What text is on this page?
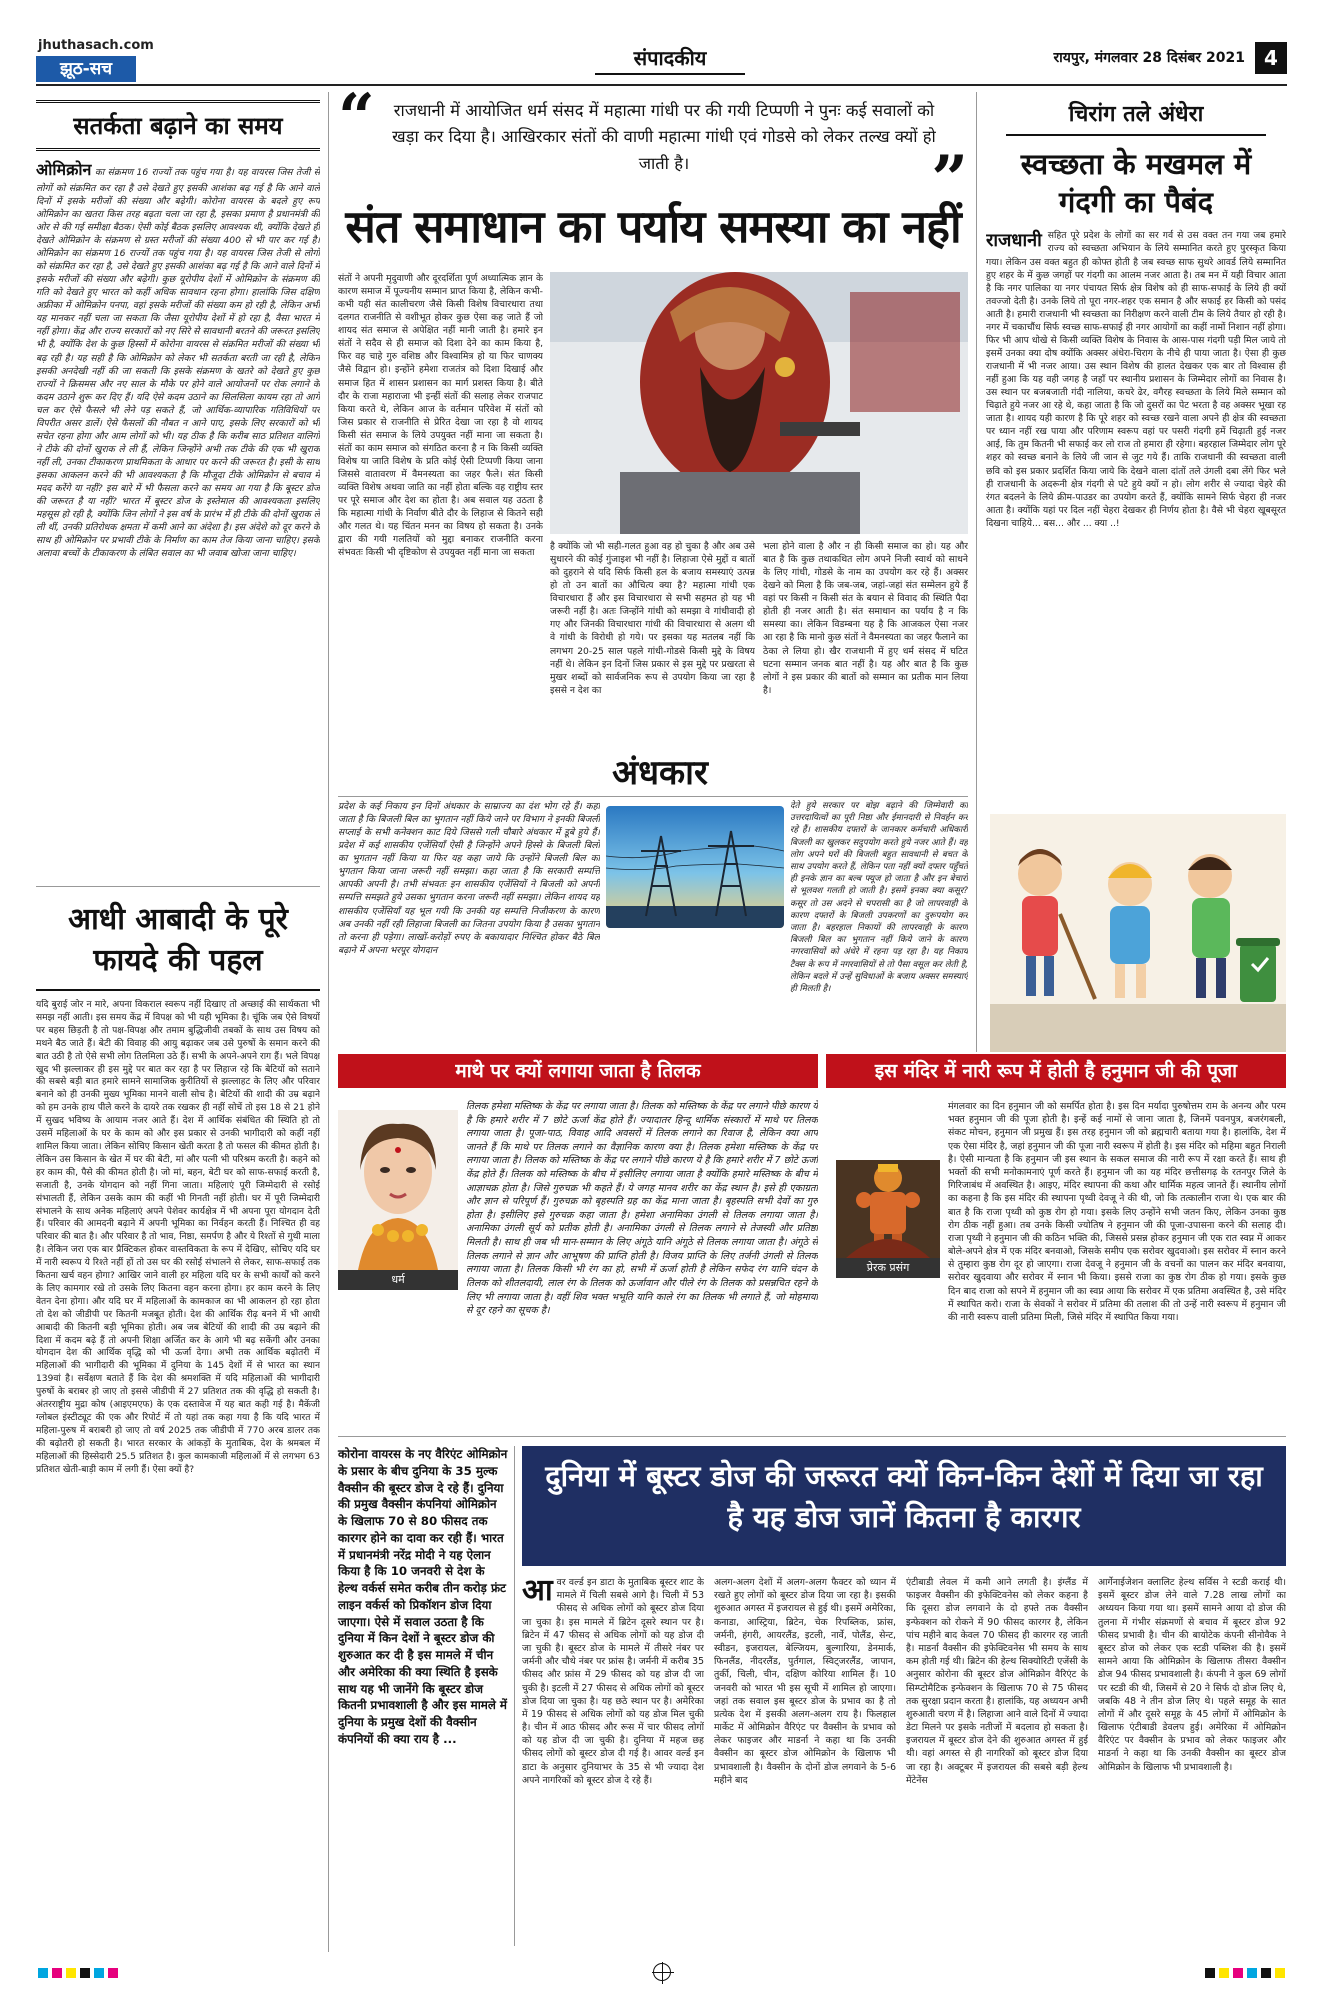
jhuthasach.com
झूठ-सच	संपादकीय	रायपुर, मंगलवार 28 दिसंबर 2021 4
सतर्कता बढ़ाने का समय
ओमिक्रोन का संक्रमण 16 राज्यों तक पहुंच गया है। यह वायरस जिस तेजी से लोगों को संक्रमित कर रहा है उसे देखते हुए इसकी आशंका बढ़ गई है कि आने वाले दिनों में इसके मरीजों की संख्या और बढ़ेगी। कोरोना वायरस के बदले हुए रूप ओमिक्रोन का खतरा किस तरह बढ़ता चला जा रहा है, इसका प्रमाण है प्रधानमंत्री की ओर से की गई समीक्षा बैठक। ऐसी कोई बैठक इसलिए आवश्यक थी, क्योंकि देखते ही देखते ओमिक्रोन के संक्रमण से ग्रस्त मरीजों की संख्या 400 से भी पार कर गई है। ओमिक्रोन का संक्रमण 16 राज्यों तक पहुंच गया है। यह वायरस जिस तेजी से लोगों को संक्रमित कर रहा है, उसे देखते हुए इसकी आशंका बढ़ गई है कि आने वाले दिनों में इसके मरीजों की संख्या और बढ़ेगी। कुछ यूरोपीय देशों में ओमिक्रोन के संक्रमण की गति को देखते हुए भारत को कहीं अधिक सावधान रहना होगा। हालांकि जिस दक्षिण अफ्रीका में ओमिक्रोन पनपा, वहां इसके मरीजों की संख्या कम हो रही है, लेकिन अभी यह मानकर नहीं चला जा सकता कि जैसा यूरोपीय देशों में हो रहा है, वैसा भारत में नहीं होगा। केंद्र और राज्य सरकारों को नए सिरे से सावधानी बरतने की जरूरत इसलिए भी है, क्योंकि देश के कुछ हिस्सों में कोरोना वायरस से संक्रमित मरीजों की संख्या भी बढ़ रही है। यह सही है कि ओमिक्रोन को लेकर भी सतर्कता बरती जा रही है, लेकिन इसकी अनदेखी नहीं की जा सकती कि इसके संक्रमण के खतरे को देखते हुए कुछ राज्यों ने क्रिसमस और नए साल के मौके पर होने वाले आयोजनों पर रोक लगाने के कदम उठाने शुरू कर दिए हैं। यदि ऐसे कदम उठाने का सिलसिला कायम रहा तो आगे चल कर ऐसे फैसले भी लेने पड़ सकते हैं, जो आर्थिक-व्यापारिक गतिविधियों पर विपरीत असर डालें। ऐसे फैसलों की नौबत न आने पाए, इसके लिए सरकारों को भी सचेत रहना होगा और आम लोगों को भी। यह ठीक है कि करीब साठ प्रतिशत वालिगों ने टीके की दोनों खुराक ले ली हैं, लेकिन जिन्होंने अभी तक टीके की एक भी खुराक नहीं ली, उनका टीकाकरण प्राथमिकता के आधार पर करने की जरूरत है। इसी के साथ इसका आकलन करने की भी आवश्यकता है कि मौजूदा टीके ओमिक्रोन से बचाव में मदद करेंगे या नहीं? इस बारे में भी फैसला करने का समय आ गया है कि बूस्टर डोज की जरूरत है या नहीं? भारत में बूस्टर डोज के इस्तेमाल की आवश्यकता इसलिए महसूस हो रही है, क्योंकि जिन लोगों ने इस वर्ष के प्रारंभ में ही टीके की दोनों खुराक ले ली थीं, उनकी प्रतिरोधक क्षमता में कमी आने का अंदेशा है। इस अंदेशे को दूर करने के साथ ही ओमिक्रोन पर प्रभावी टीके के निर्माण का काम तेज किया जाना चाहिए। इसके अलावा बच्चों के टीकाकरण के लंबित सवाल का भी जवाब खोजा जाना चाहिए।
आधी आबादी के पूरे फायदे की पहल
यदि बुराई जोर न मारे, अपना विकराल स्वरूप नहीं दिखाए तो अच्छाई की सार्थकता भी समझ नहीं आती। इस समय केंद्र में विपक्ष को भी यही भूमिका है। चूंकि जब ऐसे विषयों पर बहस छिड़ती है तो पक्ष-विपक्ष और तमाम बुद्धिजीवी तबकों के साथ उस विषय को मथने बैठ जाते हैं। बेटी की विवाह की आयु बढ़ाकर जब उसे पुरुषों के समान करने की बात उठी है तो ऐसे सभी लोग तिलमिला उठे हैं। सभी के अपने-अपने राग हैं। भले विपक्ष खुद भी झल्लाकर ही इस मुद्दे पर बात कर रहा है पर लिहाज रहे कि बेटियों को सताने की सबसे बड़ी बात हमारे सामने सामाजिक कुरीतियों से झल्लाहट के लिए और परिवार बनाने को ही उनकी मुख्य भूमिका मानने वाली सोच है। बेटियों की शादी की उम्र बढ़ाने को हम उनके हाथ पीले करने के दायरे तक रखकर ही नहीं सोचें तो इस 18 से 21 होने में सुखद भविष्य के आयाम नजर आते हैं। देश में आर्थिक संबंधित की स्थिति हो तो उसमें महिलाओं के घर के काम को और इस प्रकार से उनकी भागीदारी को कहीं नहीं शामिल किया जाता। लेकिन सोचिए किसान खेती करता है तो फसल की कीमत होती है। लेकिन उस किसान के खेत में घर की बेटी, मां और पत्नी भी परिश्रम करती है। कहने को हर काम की, पैसे की कीमत होती है। जो मां, बहन, बेटी घर को साफ-सफाई करती है, सजाती है, उनके योगदान को नहीं गिना जाता। महिलाएं पूरी जिम्मेदारी से रसोई संभालती हैं, लेकिन उसके काम की कहीं भी गिनती नहीं होती। घर में पूरी जिम्मेदारी संभालने के साथ अनेक महिलाएं अपने पेशेवर कार्यक्षेत्र में भी अपना पूरा योगदान देती हैं। परिवार की आमदनी बढ़ाने में अपनी भूमिका का निर्वहन करती हैं। निश्चित ही वह परिवार की बात है। और परिवार है तो भाव, निष्ठा, समर्पण है और ये रिश्तों से गुथी माला है। लेकिन जरा एक बार प्रैक्टिकल होकर वास्तविकता के रूप में देखिए, सोचिए यदि घर में नारी स्वरूप ये रिश्ते नहीं हों तो उस घर की रसोई संभालने से लेकर, साफ-सफाई तक कितना खर्च वहन होगा? आखिर जाने वाली हर महिला यदि घर के सभी कार्यों को करने के लिए कामगार रखे तो उसके लिए कितना वहन करना होगा। हर काम करने के लिए वेतन देना होगा। और यदि घर में महिलाओं के कामकाज का भी आकलन हो रहा होता तो देश को जीडीपी पर कितनी मजबूत होती। देश की आर्थिक रीढ़ बनने में भी आधी आबादी की कितनी बड़ी भूमिका होती। अब जब बेटियों की शादी की उम्र बढ़ाने की दिशा में कदम बढ़े हैं तो अपनी शिक्षा अर्जित कर के आगे भी बढ़ सकेंगी और उनका योगदान देश की आर्थिक वृद्धि को भी ऊर्जा देगा। अभी तक आर्थिक बढ़ोतरी में महिलाओं की भागीदारी की भूमिका में दुनिया के 145 देशों में से भारत का स्थान 139वां है। सर्वेक्षण बताते हैं कि देश की श्रमशक्ति में यदि महिलाओं की भागीदारी पुरुषों के बराबर हो जाए तो इससे जीडीपी में 27 प्रतिशत तक की वृद्धि हो सकती है। अंतरराष्ट्रीय मुद्रा कोष (आइएमएफ) के एक दस्तावेज में यह बात कही गई है। मैकेंजी ग्लोबल इंस्टीट्यूट की एक और रिपोर्ट में तो यहां तक कहा गया है कि यदि भारत में महिला-पुरुष में बराबरी हो जाए तो वर्ष 2025 तक जीडीपी में 770 अरब डालर तक की बढ़ोतरी हो सकती है। भारत सरकार के आंकड़ों के मुताबिक, देश के श्रमबल में महिलाओं की हिस्सेदारी 25.5 प्रतिशत है। कुल कामकाजी महिलाओं में से लगभग 63 प्रतिशत खेती-बाड़ी काम में लगी हैं। ऐसा क्यों है?
“	राजधानी में आयोजित धर्म संसद में महात्मा गांधी पर की गयी टिप्पणी ने पुनः कई सवालों को खड़ा कर दिया है। आखिरकार संतों की वाणी महात्मा गांधी एवं गोडसे को लेकर तल्ख क्यों हो जाती है।	”
संत समाधान का पर्याय समस्या का नहीं
संतों ने अपनी मृदुवाणी और दूरदर्शिता पूर्ण अध्यात्मिक ज्ञान के कारण समाज में पूज्यनीय सम्मान प्राप्त किया है, लेकिन कभी-कभी यही संत कालीचरण जैसे किसी विशेष विचारधारा तथा दलगत राजनीति से वशीभूत होकर कुछ ऐसा कह जाते हैं जो शायद संत समाज से अपेक्षित नहीं मानी जाती है। हमारे इन संतों ने सदैव से ही समाज को दिशा देने का काम किया है, फिर वह चाहे गुरु वशिष्ठ और विश्वामित्र हो या फिर चाणक्य जैसे विद्वान हो। इन्होंने हमेशा राजतंत्र को दिशा दिखाई और समाज हित में शासन प्रशासन का मार्ग प्रशस्त किया है। बीते दौर के राजा महाराजा भी इन्हीं संतों की सलाह लेकर राजपाट किया करते थे, लेकिन आज के वर्तमान परिवेश में संतों को जिस प्रकार से राजनीति से प्रेरित देखा जा रहा है वो शायद किसी संत समाज के लिये उपयुक्त नहीं माना जा सकता है। संतों का काम समाज को संगठित करना है न कि किसी व्यक्ति विशेष या जाति विशेष के प्रति कोई ऐसी टिप्पणी किया जाना जिससे वातावरण में वैमनस्यता का जहर फैले। संत किसी व्यक्ति विशेष अथवा जाति का नहीं होता बल्कि वह राष्ट्रीय स्तर पर पूरे समाज और देश का होता है। अब सवाल यह उठता है कि महात्मा गांधी के निर्वाण बीते दौर के लिहाज से कितने सही और गलत थे। यह चिंतन मनन का विषय हो सकता है। उनके द्वारा की गयी गलतियों को मुद्दा बनाकर राजनीति करना संभवतः किसी भी दृष्टिकोण से उपयुक्त नहीं माना जा सकता
है क्योंकि जो भी सही-गलत हुआ वह हो चुका है और अब उसे सुधारने की कोई गुंजाइश भी नहीं है। लिहाजा ऐसे मुद्दों व बातों को दुहराने से यदि सिर्फ किसी हल के बजाय समस्याएं उत्पन्न हो तो उन बातों का औचित्य क्या है? महात्मा गांधी एक विचारधारा हैं और इस विचारधारा से सभी सहमत हो यह भी जरूरी नहीं है। अतः जिन्होंने गांधी को समझा वे गांधीवादी हो गए और जिनकी विचारधारा गांधी की विचारधारा से अलग थी वे गांधी के विरोधी हो गये। पर इसका यह मतलब नहीं कि लगभग 20-25 साल पहले गांधी-गोडसे किसी मुद्दे के विषय नहीं थे। लेकिन इन दिनों जिस प्रकार से इस मुद्दे पर प्रखरता से मुखर शब्दों को सार्वजनिक रूप से उपयोग किया जा रहा है इससे न देश का
भला होने वाला है और न ही किसी समाज का हो। यह और बात है कि कुछ तथाकथित लोग अपने निजी स्वार्थ को साधने के लिए गांधी, गोडसे के नाम का उपयोग कर रहे हैं। अक्सर देखने को मिला है कि जब-जब, जहां-जहां संत सम्मेलन हुये हैं वहां पर किसी न किसी संत के बयान से विवाद की स्थिति पैदा होती ही नजर आती है। संत समाधान का पर्याय है न कि समस्या का। लेकिन विडम्बना यह है कि आजकल ऐसा नजर आ रहा है कि मानो कुछ संतों ने वैमनस्यता का जहर फैलाने का ठेका ले लिया हो। खैर राजधानी में हुए धर्म संसद में घटित घटना सम्मान जनक बात नहीं है। यह और बात है कि कुछ लोगों ने इस प्रकार की बातों को सम्मान का प्रतीक मान लिया है।
अंधकार
प्रदेश के कई निकाय इन दिनों अंधकार के साम्राज्य का दंश भोग रहे हैं। कहा जाता है कि बिजली बिल का भुगतान नहीं किये जाने पर विभाग ने इनकी बिजली सप्लाई के सभी कनेक्शन काट दिये जिससे गली चौबारे अंधकार में डूबे हुये हैं। प्रदेश में कई शासकीय एजेंसियाँ ऐसी है जिन्होंने अपने हिस्से के बिजली बिलों का भुगतान नहीं किया या फिर यह कहा जाये कि उन्होंने बिजली बिल का भुगतान किया जाना जरूरी नहीं समझा। कहा जाता है कि सरकारी सम्पत्ति आपकी अपनी है। तभी संभवतः इन शासकीय एजेंसियों ने बिजली को अपनी सम्पत्ति समझते हुये उसका भुगतान करना जरूरी नहीं समझा। लेकिन शायद यह शासकीय एजेंसियाँ यह भूल गयी कि उनकी यह सम्पत्ति निजीकरण के कारण अब उनकी नहीं रही लिहाजा बिजली का जितना उपयोग किया है उसका भुगतान तो करना ही पड़ेगा। लाखों-करोड़ों रुपए के बकायादार निश्चित होकर बैठे बिल बढ़ाने में अपना भरपूर योगदान
देते हुये सरकार पर बोझ बढ़ाने की जिम्मेवारी का उत्तरदायित्वों का पूरी निष्ठा और ईमानदारी से निवर्हन कर रहे हैं। शासकीय दफ्तरों के जानकार कर्मचारी अधिकारी बिजली का खुलकर सदुपयोग करते हुये नजर आते हैं। वह लोग अपने घरों की बिजली बहुत सावधानी से बचत के साथ उपयोग करते हैं, लेकिन पता नहीं क्यों दफ्तर पहुँचते ही इनके ज्ञान का बल्ब फ्यूज हो जाता है और इन बेचारों से भूलवश गलती हो जाती है। इसमें इनका क्या कसूर? कसूर तो उस अदने से चपरासी का है जो लापरवाही के कारण दफ्तरों के बिजली उपकरणों का दुरूपयोग कर जाता है। बहरहाल निकायों की लापरवाही के कारण बिजली बिल का भुगतान नहीं किये जाने के कारण नगरवासियों को अंधेरे में रहना पड़ रहा है। यह निकाय टैक्स के रूप में नगरवासियों से तो पैसा वसूल कर लेती है, लेकिन बदले में उन्हें सुविधाओं के बजाय अक्सर समस्याएं ही मिलती है।
चिरांग तले अंधेरा
स्वच्छता के मखमल में गंदगी का पैबंद
राजधानी सहित पूरे प्रदेश के लोगों का सर गर्व से उस वक्त तन गया जब हमारे राज्य को स्वच्छता अभियान के लिये सम्मानित करते हुए पुरस्कृत किया गया। लेकिन उस वक्त बहुत ही कोफ्त होती है जब स्वच्छ साफ सुथरे आवर्ड लिये सम्मानित हुए शहर के में कुछ जगहों पर गंदगी का आलम नजर आता है। तब मन में यही विचार आता है कि नगर पालिका या नगर पंचायत सिर्फ क्षेत्र विशेष को ही साफ-सफाई के लिये ही क्यों तवज्जो देती है। उनके लिये तो पूरा नगर-शहर एक समान है और सफाई हर किसी को पसंद आती है। हमारी राजधानी भी स्वच्छता का निरीक्षण करने वाली टीम के लिये तैयार हो रही है। नगर में चकाचौंध सिर्फ स्वच्छ साफ-सफाई ही नगर आयोगों का कहीं नामों निशान नहीं होगा। फिर भी आप धोखे से किसी व्यक्ति विशेष के निवास के आस-पास गंदगी पड़ी मिल जाये तो इसमें उनका क्या दोष क्योंकि अक्सर अंधेरा-चिराग के नीचे ही पाया जाता है। ऐसा ही कुछ राजधानी में भी नजर आया। उस स्थान विशेष की हालत देखकर एक बार तो विश्वास ही नहीं हुआ कि यह वही जगह है जहाँ पर स्थानीय प्रशासन के जिम्मेदार लोगों का निवास है। उस स्थान पर बजबजाती गंदी नालिया, कचरे ढेर, वगैरह स्वच्छता के लिये मिले सम्मान को चिढ़ाते हुये नजर आ रहे थे, कहा जाता है कि जो दुसरों का पेट भरता है वह अक्सर भूखा रह जाता है। शायद यही कारण है कि पूरे शहर को स्वच्छ रखने वाला अपने ही क्षेत्र की स्वच्छता पर ध्यान नहीं रख पाया और परिणाम स्वरूप वहां पर पसरी गंदगी हमें चिढ़ाती हुई नजर आई, कि तुम कितनी भी सफाई कर लो राज तो हमारा ही रहेगा। बहरहाल जिम्मेदार लोग पूरे शहर को स्वच्छ बनाने के लिये जी जान से जुट गये हैं। ताकि राजधानी की स्वच्छता वाली छवि को इस प्रकार प्रदर्शित किया जाये कि देखने वाला दांतों तले उंगली दबा लेंगे फिर भले ही राजधानी के अदरूनी क्षेत्र गंदगी से पटे हुये क्यों न हो। लोग शरीर से ज्यादा चेहरे की रंगत बदलने के लिये क्रीम-पाउडर का उपयोग करते हैं, क्योंकि सामने सिर्फ चेहरा ही नजर आता है। क्योंकि यहां पर दिल नहीं चेहरा देखकर ही निर्णय होता है। वैसे भी चेहरा खूबसूरत दिखना चाहिये... बस... और ... क्या ..!
माथे पर क्यों लगाया जाता है तिलक	इस मंदिर में नारी रूप में होती है हनुमान जी की पूजा
धर्म
तिलक हमेशा मस्तिष्क के केंद्र पर लगाया जाता है। तिलक को मस्तिष्क के केंद्र पर लगाने पीछे कारण ये है कि हमारे शरीर में 7 छोटे ऊर्जा केंद्र होते हैं। ज्यादातर हिन्दू धार्मिक संस्कारों में माथे पर तिलक लगाया जाता है। पूजा-पाठ, विवाह आदि अवसरों में तिलक लगाने का रिवाज है, लेकिन क्या आप जानते हैं कि माथे पर तिलक लगाने का वैज्ञानिक कारण क्या है। तिलक हमेशा मस्तिष्क के केंद्र पर लगाया जाता है। तिलक को मस्तिष्क के केंद्र पर लगाने पीछे कारण ये है कि हमारे शरीर में 7 छोटे ऊर्जा केंद्र होते हैं। तिलक को मस्तिष्क के बीच में इसीलिए लगाया जाता है क्योंकि हमारे मस्तिष्क के बीच में आज्ञाचक्र होता है। जिसे गुरुचक्र भी कहते हैं। ये जगह मानव शरीर का केंद्र स्थान है। इसे ही एकाग्रता और ज्ञान से परिपूर्ण हैं। गुरुचक्र को बृहस्पति ग्रह का केंद्र माना जाता है। बृहस्पति सभी देवों का गुरु होता है। इसीलिए इसे गुरुचक्र कहा जाता है। हमेशा अनामिका उंगली से तिलक लगाया जाता है। अनामिका उंगली सूर्य को प्रतीक होती है। अनामिका उंगली से तिलक लगाने से तेजस्वी और प्रतिष्ठा मिलती है। साथ ही जब भी मान-सम्मान के लिए अंगूठे यानि अंगूठे से तिलक लगाया जाता है। अंगूठे से तिलक लगाने से ज्ञान और आभूषण की प्राप्ति होती है। विजय प्राप्ति के लिए तर्जनी उंगली से तिलक लगाया जाता है। तिलक किसी भी रंग का हो, सभी में ऊर्जा होती है लेकिन सफेद रंग यानि चंदन के तिलक को शीतलदायी, लाल रंग के तिलक को ऊर्जावान और पीले रंग के तिलक को प्रसन्नचित रहने के लिए भी लगाया जाता है। वहीं शिव भक्त भभूति यानि काले रंग का तिलक भी लगाते हैं, जो मोहमाया से दूर रहने का सूचक है।
प्रेरक प्रसंग
मंगलवार का दिन हनुमान जी को समर्पित होता है। इस दिन मर्यादा पुरुषोत्तम राम के अनन्य और परम भक्त हनुमान जी की पूजा होती है। इन्हें कई नामों से जाना जाता है, जिनमें पवनपुत्र, बजरंगबली, संकट मोचन, हनुमान जी प्रमुख हैं। इस तरह हनुमान जी को ब्रह्मचारी बताया गया है। हालांकि, देश में एक ऐसा मंदिर है, जहां हनुमान जी की पूजा नारी स्वरूप में होती है। इस मंदिर को महिमा बहुत निराली है। ऐसी मान्यता है कि हनुमान जी इस स्थान के सकल समाज की नारी रूप में रक्षा करते हैं। साथ ही भक्तों की सभी मनोकामनाएं पूर्ण करते हैं। हनुमान जी का यह मंदिर छत्तीसगढ़ के रतनपुर जिले के गिरिजाबंध में अवस्थित है। आइए, मंदिर स्थापना की कथा और धार्मिक महत्व जानते हैं। स्थानीय लोगों का कहना है कि इस मंदिर की स्थापना पृथ्वी देवजू ने की थी, जो कि तत्कालीन राजा थे। एक बार की बात है कि राजा पृथ्वी को कुष्ठ रोग हो गया। इसके लिए उन्होंने सभी जतन किए, लेकिन उनका कुष्ठ रोग ठीक नहीं हुआ। तब उनके किसी ज्योतिष ने हनुमान जी की पूजा-उपासना करने की सलाह दी। राजा पृथ्वी ने हनुमान जी की कठिन भक्ति की, जिससे प्रसन्न होकर हनुमान जी एक रात स्वप्न में आकर बोले-अपने क्षेत्र में एक मंदिर बनवाओ, जिसके समीप एक सरोवर खुदवाओ। इस सरोवर में स्नान करने से तुम्हारा कुष्ठ रोग दूर हो जाएगा। राजा देवजू ने हनुमान जी के वचनों का पालन कर मंदिर बनवाया, सरोवर खुदवाया और सरोवर में स्नान भी किया। इससे राजा का कुष्ठ रोग ठीक हो गया। इसके कुछ दिन बाद राजा को सपने में हनुमान जी का स्वप्न आया कि सरोवर में एक प्रतिमा अवस्थित है, उसे मंदिर में स्थापित करो। राजा के सेवकों ने सरोवर में प्रतिमा की तलाश की तो उन्हें नारी स्वरूप में हनुमान जी की नारी स्वरूप वाली प्रतिमा मिली, जिसे मंदिर में स्थापित किया गया।
कोरोना वायरस के नए वैरिएंट ओमिक्रोन के प्रसार के बीच दुनिया के 35 मुल्क वैक्सीन की बूस्टर डोज दे रहे हैं। दुनिया की प्रमुख वैक्सीन कंपनियां ओमिक्रोन के खिलाफ 70 से 80 फीसद तक कारगर होने का दावा कर रही हैं। भारत में प्रधानमंत्री नरेंद्र मोदी ने यह ऐलान किया है कि 10 जनवरी से देश के हेल्थ वर्कर्स समेत करीब तीन करोड़ फ्रंट लाइन वर्कर्स को प्रिकॉशन डोज दिया जाएगा। ऐसे में सवाल उठता है कि दुनिया में किन देशों ने बूस्टर डोज की शुरुआत कर दी है इस मामले में चीन और अमेरिका की क्या स्थिति है इसके साथ यह भी जानेंगे कि बूस्टर डोज कितनी प्रभावशाली है और इस मामले में दुनिया के प्रमुख देशों की वैक्सीन कंपनियों की क्या राय है ...
दुनिया में बूस्टर डोज की जरूरत क्यों किन-किन देशों में दिया जा रहा है यह डोज जानें कितना है कारगर
आ वर वर्ल्ड इन डाटा के मुताबिक बूस्टर शाट के मामले में चिली सबसे आगे है। चिली में 53 फीसद से अधिक लोगों को बूस्टर डोज दिया जा चुका है। इस मामले में ब्रिटेन दूसरे स्थान पर है। ब्रिटेन में 47 फीसद से अधिक लोगों को यह डोज दी जा चुकी है। बूस्टर डोज के मामले में तीसरे नंबर पर जर्मनी और चौथे नंबर पर फ्रांस है। जर्मनी में करीब 35 फीसद और फ्रांस में 29 फीसद को यह डोज दी जा चुकी है। इटली में 27 फीसद से अधिक लोगों को बूस्टर डोज दिया जा चुका है। यह छठे स्थान पर है। अमेरिका में 19 फीसद से अधिक लोगों को यह डोज मिल चुकी है। चीन में आठ फीसद और रूस में चार फीसद लोगों को यह डोज दी जा चुकी है। दुनिया में महज छह फीसद लोगों को बूस्टर डोज दी गई है। आवर वर्ल्ड इन डाटा के अनुसार दुनियाभर के 35 से भी ज्यादा देश अपने नागरिकों को बूस्टर डोज दे रहे हैं।
अलग-अलग देशों में अलग-अलग फैक्टर को ध्यान में रखते हुए लोगों को बूस्टर डोज दिया जा रहा है। इसकी शुरुआत अगस्त में इजरायल से हुई थी। इसमें अमेरिका, कनाडा, आस्ट्रिया, ब्रिटेन, चेक रिपब्लिक, फ्रांस, जर्मनी, हंगरी, आयरलैंड, इटली, नार्वे, पोलैंड, सेन्ट, स्वीडन, इजरायल, बेल्जियम, बुल्गारिया, डेनमार्क, फिनलैंड, नीदरलैंड, पुर्तगाल, स्विट्जरलैंड, जापान, तुर्की, चिली, चीन, दक्षिण कोरिया शामिल हैं। 10 जनवरी को भारत भी इस सूची में शामिल हो जाएगा। जहां तक सवाल इस बूस्टर डोज के प्रभाव का है तो प्रत्येक देश में इसकी अलग-अलग राय है। फिलहाल मार्केट में ओमिक्रोन वैरिएंट पर वैक्सीन के प्रभाव को लेकर फाइजर और माडर्ना ने कहा था कि उनकी वैक्सीन का बूस्टर डोज ओमिक्रोन के खिलाफ भी प्रभावशाली है। वैक्सीन के दोनों डोज लगवाने के 5-6 महीने बाद
एंटीबाडी लेवल में कमी आने लगती है। इंग्लैंड में फाइजर वैक्सीन की इफेक्टिवनेस को लेकर कहना है कि दूसरा डोज लगवाने के दो हफ्ते तक वैक्सीन इन्फेक्शन को रोकने में 90 फीसद कारगर है, लेकिन पांच महीने बाद केवल 70 फीसद ही कारगर रह जाती है। माडर्ना वैक्सीन की इफेक्टिवनेस भी समय के साथ कम होती गई थी। ब्रिटेन की हेल्थ सिक्योरिटी एजेंसी के अनुसार कोरोना की बूस्टर डोज ओमिक्रोन वैरिएंट के सिम्प्टोमैटिक इन्फेक्शन के खिलाफ 70 से 75 फीसद तक सुरक्षा प्रदान करता है। हालांकि, यह अध्ययन अभी शुरुआती चरण में है। लिहाजा आने वाले दिनों में ज्यादा डेटा मिलने पर इसके नतीजों में बदलाव हो सकता है। इजरायल में बूस्टर डोज देने की शुरुआत अगस्त में हुई थी। वहां अगस्त से ही नागरिकों को बूस्टर डोज दिया जा रहा है। अक्टूबर में इजरायल की सबसे बड़ी हेल्थ मेंटेनेंस
आर्गेनाईजेशन क्लालिट हेल्थ सर्विस ने स्टडी कराई थी। इसमें बूस्टर डोज लेने वाले 7.28 लाख लोगों का अध्ययन किया गया था। इसमें सामने आया दो डोज की तुलना में गंभीर संक्रमणों से बचाव में बूस्टर डोज 92 फीसद प्रभावी है। चीन की बायोटेक कंपनी सीनोवैक ने बूस्टर डोज को लेकर एक स्टडी पब्लिश की है। इसमें सामने आया कि ओमिक्रोन के खिलाफ तीसरा वैक्सीन डोज 94 फीसद प्रभावशाली है। कंपनी ने कुल 69 लोगों पर स्टडी की थी, जिसमें से 20 ने सिर्फ दो डोज लिए थे, जबकि 48 ने तीन डोज लिए थे। पहले समूह के सात लोगों में और दूसरे समूह के 45 लोगों में ओमिक्रोन के खिलाफ एंटीबाडी डेवलप हुई। अमेरिका में ओमिक्रोन वैरिएंट पर वैक्सीन के प्रभाव को लेकर फाइजर और माडर्ना ने कहा था कि उनकी वैक्सीन का बूस्टर डोज ओमिक्रोन के खिलाफ भी प्रभावशाली है।
